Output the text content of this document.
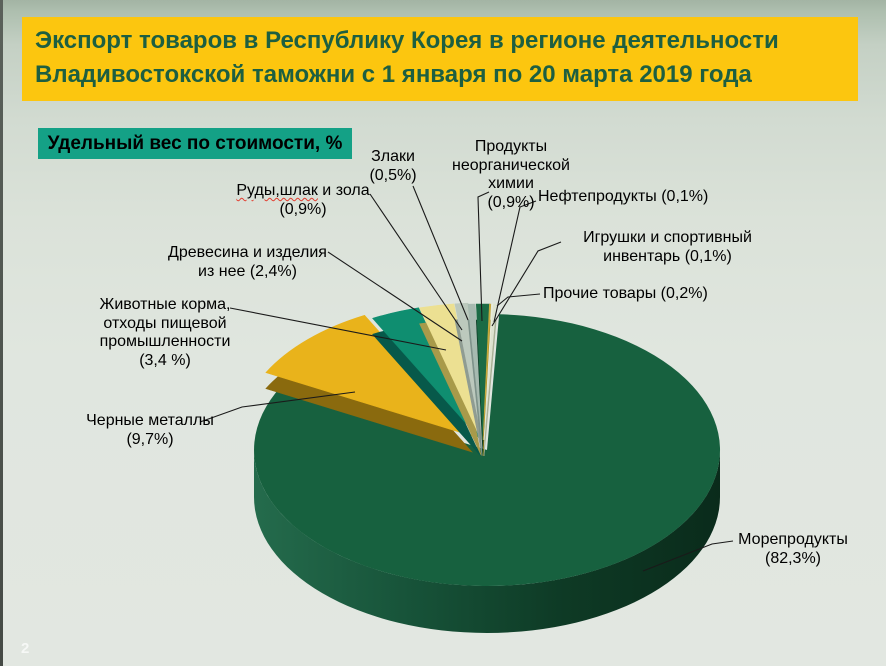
Экспорт товаров в Республику Корея в регионе деятельности
Владивостокской таможни с 1 января по 20 марта 2019 года
Удельный вес по стоимости, %
Морепродукты
(82,3%)
Черные металлы
(9,7%)
Животные корма,
отходы пищевой
промышленности
(3,4 %)
Древесина и изделия
из нее (2,4%)
Руды,шлак и зола
(0,9%)
Злаки
(0,5%)
Продукты
неорганической химии
(0,9%) Нефтепродукты (0,1%)
Игрушки и спортивный
инвентарь (0,1%)
Прочие товары (0,2%)
2
